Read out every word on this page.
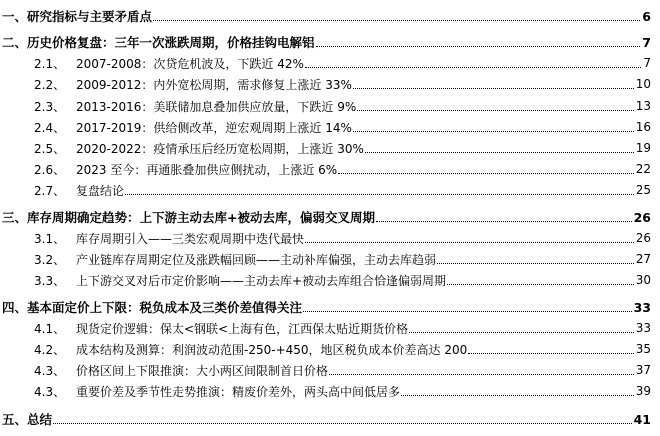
一、 研究指标与主要矛盾点	6
二、 历史价格复盘：三年一次涨跌周期，价格挂钩电解铝	7
2.1、 2007-2008：次贷危机波及，下跌近 42%	7
2.2、 2009-2012：内外宽松周期，需求修复上涨近 33%	10
2.3、 2013-2016：美联储加息叠加供应放量，下跌近 9%	13
2.4、 2017-2019：供给侧改革，逆宏观周期上涨近 14%	16
2.5、 2020-2022：疫情承压后经历宽松周期，上涨近 30%	19
2.6、 2023 至今：再通胀叠加供应侧扰动，上涨近 6%	22
2.7、 复盘结论	25
三、 库存周期确定趋势：上下游主动去库+被动去库，偏弱交叉周期	26
3.1、 库存周期引入——三类宏观周期中迭代最快	26
3.2、 产业链库存周期定位及涨跌幅回顾——主动补库偏强，主动去库趋弱	27
3.3、 上下游交叉对后市定价影响——主动去库+被动去库组合恰逢偏弱周期	30
四、 基本面定价上下限：税负成本及三类价差值得关注	33
4.1、 现货定价逻辑：保太<钢联<上海有色，江西保太贴近期货价格	33
4.2、 成本结构及测算：利润波动范围-250-+450，地区税负成本价差高达 200	35
4.3、 价格区间上下限推演：大小两区间限制首日价格	37
4.3、 重要价差及季节性走势推演：精废价差外，两头高中间低居多	39
五、 总结	41
